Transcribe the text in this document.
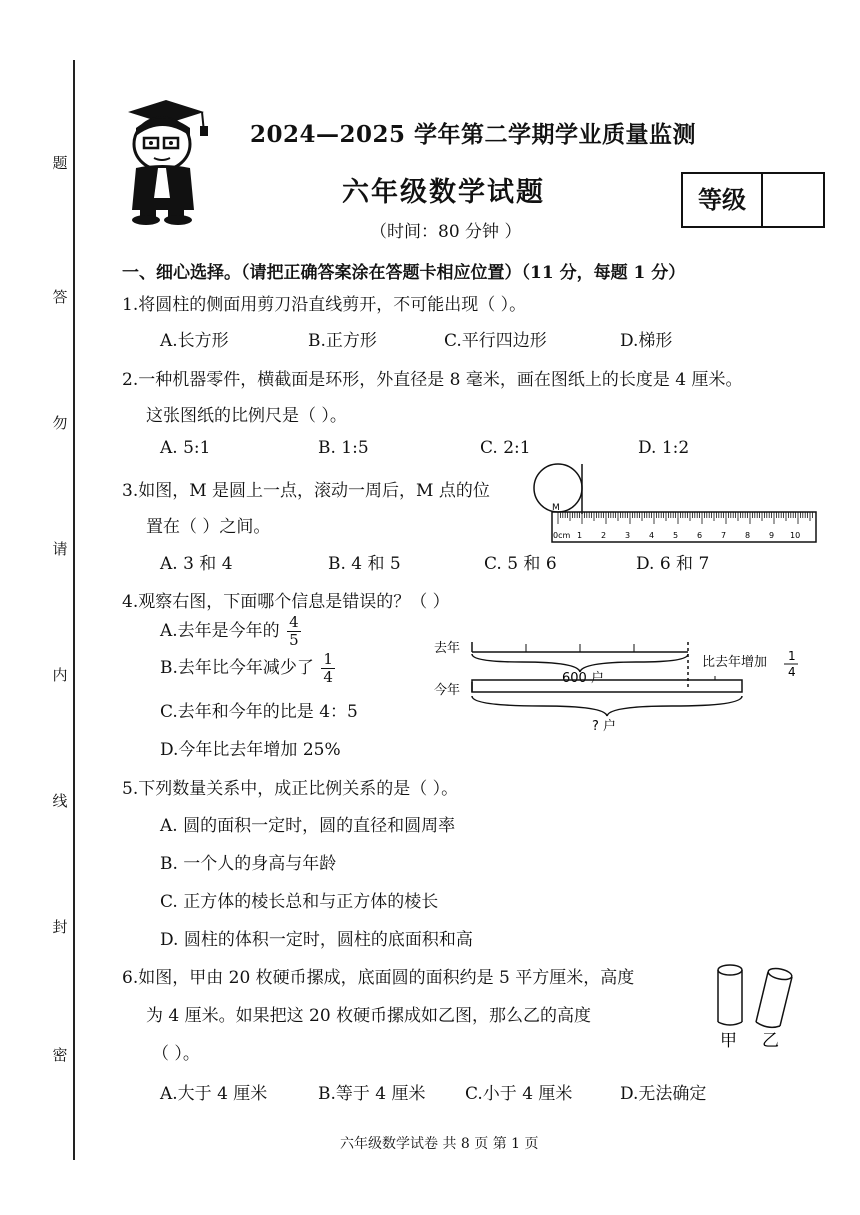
题
答
勿
请
内
线
封
密
2024—2025 学年第二学期学业质量监测
六年级数学试题
（时间：80 分钟 ）
等级
一、细心选择。（请把正确答案涂在答题卡相应位置）（11 分，每题 1 分）
1.将圆柱的侧面用剪刀沿直线剪开，不可能出现（ ）。
A.长方形	B.正方形	C.平行四边形	D.梯形
2.一种机器零件，横截面是环形，外直径是 8 毫米，画在图纸上的长度是 4 厘米。
这张图纸的比例尺是（ ）。
A. 5:1	B. 1:5	C. 2:1	D. 1:2
3.如图，M 是圆上一点，滚动一周后，M 点的位
置在（ ）之间。
A. 3 和 4	B. 4 和 5	C. 5 和 6	D. 6 和 7
M
0cm 1 2 3 4 5 6 7 8 9 10
4.观察右图，下面哪个信息是错误的？（ ）
A.去年是今年的 $\frac{4}{5}$
B.去年比今年减少了 $\frac{1}{4}$
C.去年和今年的比是 4：5
D.今年比去年增加 25%
去年
600 户
比去年增加 1
4
今年
? 户
5.下列数量关系中，成正比例关系的是（ ）。
A. 圆的面积一定时，圆的直径和圆周率
B. 一个人的身高与年龄
C. 正方体的棱长总和与正方体的棱长
D. 圆柱的体积一定时，圆柱的底面积和高
6.如图，甲由 20 枚硬币摞成，底面圆的面积约是 5 平方厘米，高度
为 4 厘米。如果把这 20 枚硬币摞成如乙图，那么乙的高度
（ ）。
A.大于 4 厘米	B.等于 4 厘米 C.小于 4 厘米	D.无法确定
甲 乙
六年级数学试卷 共 8 页 第 1 页
